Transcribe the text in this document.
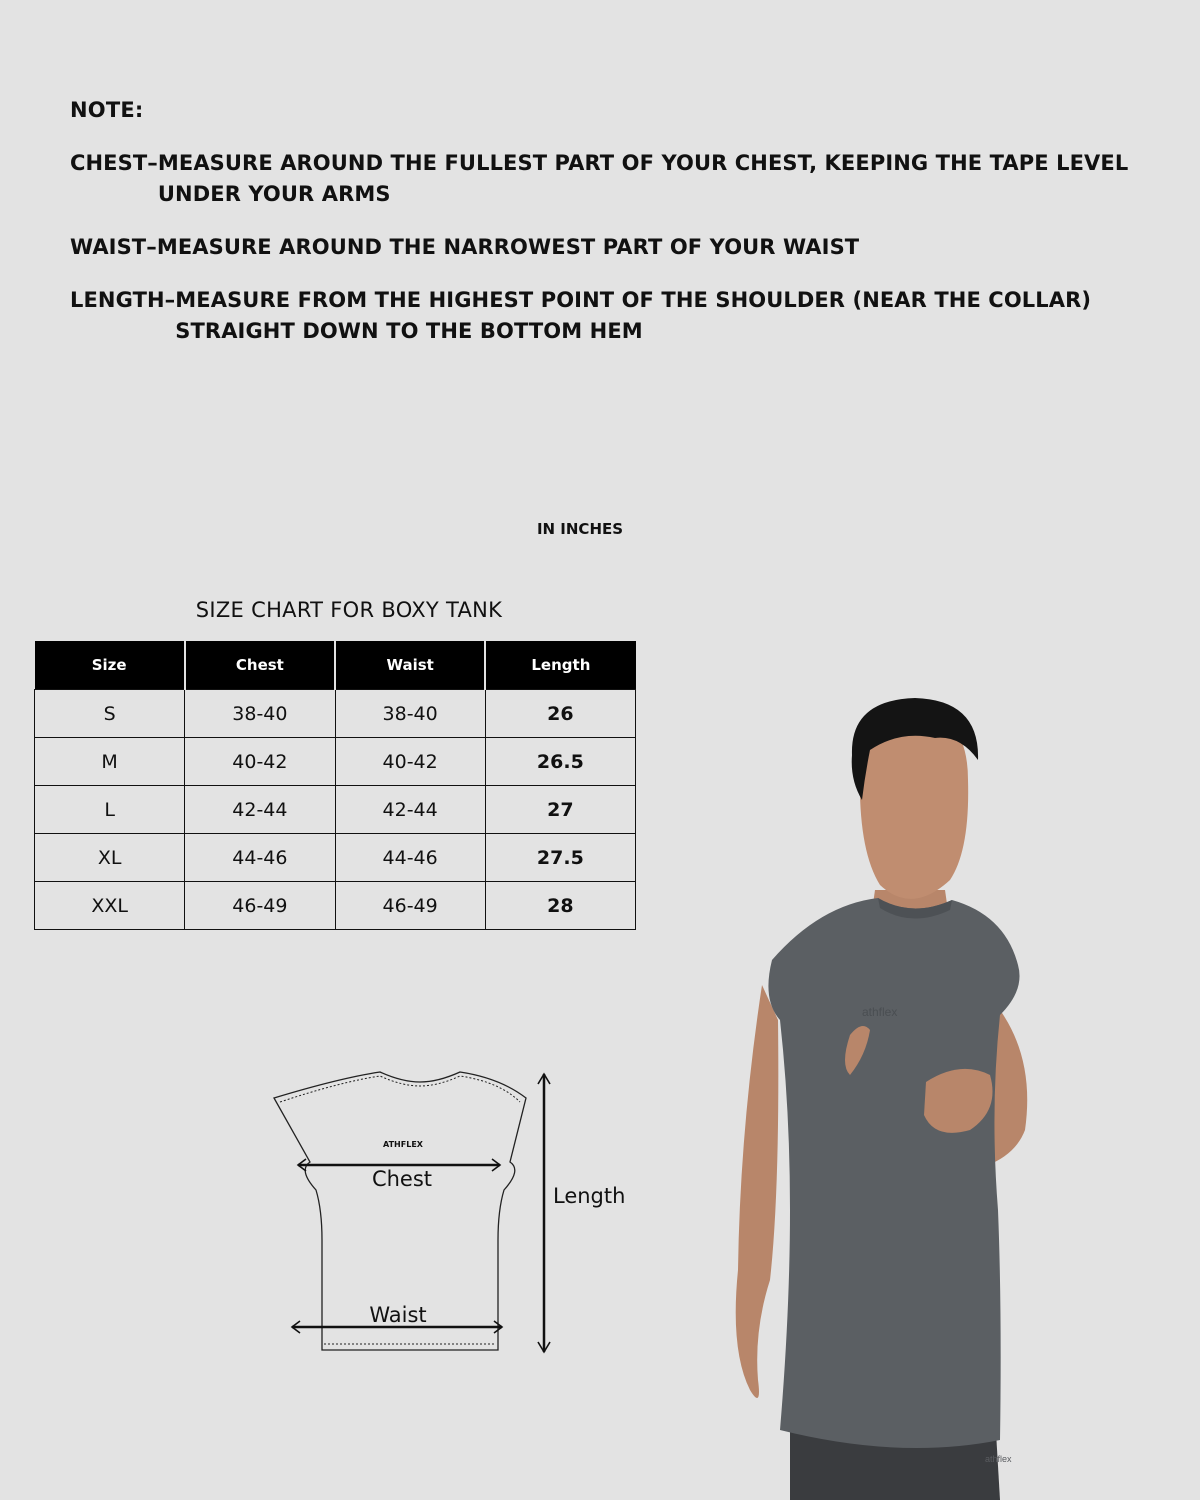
NOTE:
CHEST – MEASURE AROUND THE FULLEST PART OF YOUR CHEST, KEEPING THE TAPE LEVEL UNDER YOUR ARMS
WAIST – MEASURE AROUND THE NARROWEST PART OF YOUR WAIST
LENGTH – MEASURE FROM THE HIGHEST POINT OF THE SHOULDER (NEAR THE COLLAR) STRAIGHT DOWN TO THE BOTTOM HEM
IN INCHES
SIZE CHART FOR BOXY TANK
Size	Chest	Waist	Length
S	38-40	38-40	26
M	40-42	40-42	26.5
L	42-44	42-44	27
XL	44-46	44-46	27.5
XXL	46-49	46-49	28
ATHFLEX
Chest
Waist
Length
athflex
athflex
